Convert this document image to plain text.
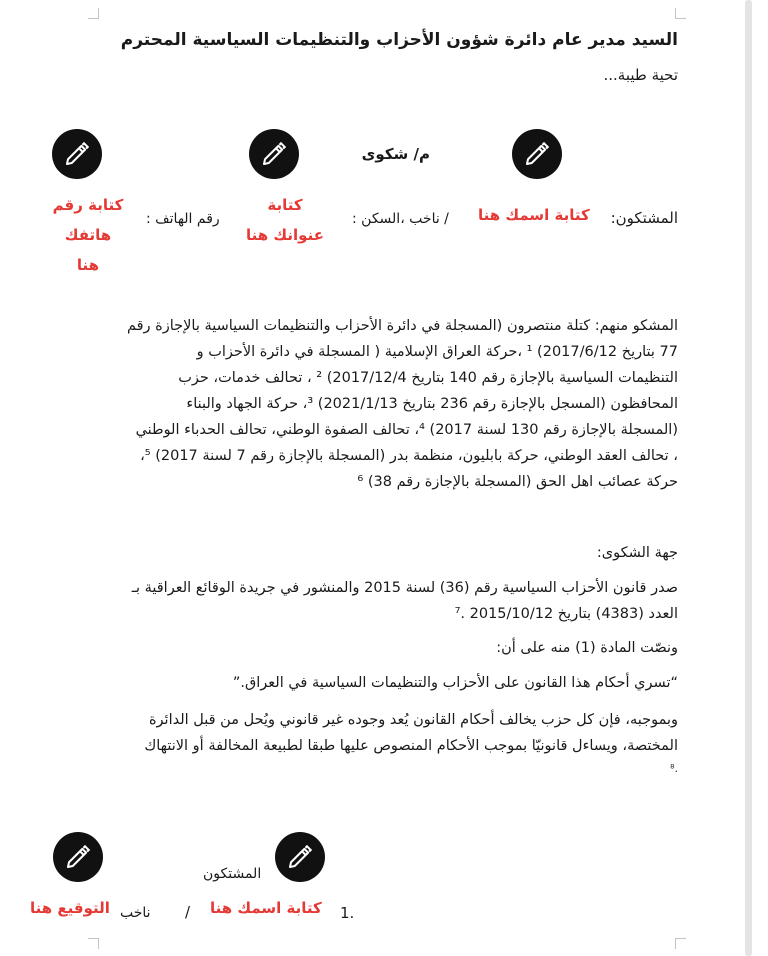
السيد مدير عام دائرة شؤون الأحزاب والتنظيمات السياسية المحترم
تحية طيبة...
م/ شكوى
المشتكون:
كتابة اسمك هنا
/ ناخب ،السكن :
كتابة
عنوانك هنا
رقم الهاتف :
كتابة رقم هاتفك
هنا
المشكو منهم: كتلة منتصرون (المسجلة في دائرة الأحزاب والتنظيمات السياسية بالإجازة رقم
77 بتاريخ 2017/6/12) ¹ ،حركة العراق الإسلامية ( المسجلة في دائرة الأحزاب و
التنظيمات السياسية بالإجازة رقم 140 بتاريخ 2017/12/4) ² ، تحالف خدمات، حزب
المحافظون (المسجل بالإجازة رقم 236 بتاريخ 2021/1/13) ³، حركة الجهاد والبناء
(المسجلة بالإجازة رقم 130 لسنة 2017) ⁴، تحالف الصفوة الوطني، تحالف الحدباء الوطني
، تحالف العقد الوطني، حركة بابليون، منظمة بدر (المسجلة بالإجازة رقم 7 لسنة 2017) ⁵،
حركة عصائب اهل الحق (المسجلة بالإجازة رقم 38) ⁶
جهة الشكوى:
صدر قانون الأحزاب السياسية رقم (36) لسنة 2015 والمنشور في جريدة الوقائع العراقية بـ
العدد (4383) بتاريخ 2015/10/12 .⁷
ونصّت المادة (1) منه على أن:
“تسري أحكام هذا القانون على الأحزاب والتنظيمات السياسية في العراق.”
وبموجبه، فإن كل حزب يخالف أحكام القانون يُعد وجوده غير قانوني ويُحل من قبل الدائرة
المختصة، ويساءل قانونيّا بموجب الأحكام المنصوص عليها طبقا لطبيعة المخالفة أو الانتهاك
.⁸
المشتكون
1.
كتابة اسمك هنا
/
ناخب
التوقيع هنا
